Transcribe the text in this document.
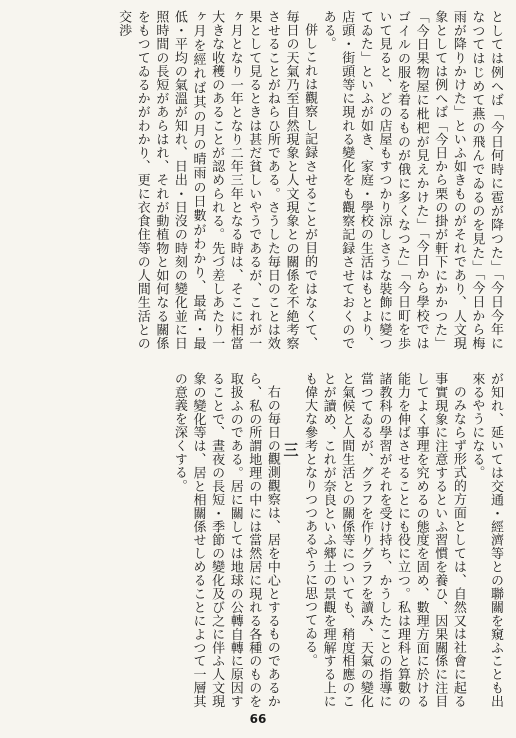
としては例へば「今日何時に雹が降つた」「今日今年になつてはじめて燕の飛んでゐるのを見た」「今日から梅雨が降りかけた」といふ如きものがそれであり、人文現象としては例へば「今日から栗の掛が軒下にかかつた」「今日果物屋に枇杷が見えかけた」「今日から學校ではゴイルの服を着るものが俄に多くなつた」「今日町を歩いて見ると、どの店屋もすつかり涼しさうな裝飾に變つてゐた」といふが如き、家庭・學校の生活はもとより、店頭・街頭等に現れる變化をも觀察記録させておくのである。

併しこれは觀察し記録させることが目的ではなくて、毎日の天氣乃至自然現象と人文現象との關係を不絶考察させることがねらひ所である。さうした毎日のことは效果として見るときは甚だ貧しいやうであるが、これが一ヶ月となり一年となり二年三年となる時は、そこに相當大きな收穫のあることが認められる。先づ差しあたり一ヶ月を經れば其の月の晴雨の日數がわかり、最高・最低・平均の氣溫が知れ、日出・日沒の時刻の變化並に日照時間の長短があらはれ、それが動植物と如何なる關係をもつてゐるかがわかり、更に衣食住等の人間生活との交渉

が知れ、延いては交通・經濟等との聯關を窺ふことも出來るやうになる。

のみならず形式的方面としては、自然又は社會に起る事實現象に注意するといふ習慣を養ひ、因果關係に注目してよく事理を究めるの態度を固め、數理方面に於ける能力を伸ばさせることにも役に立つ。私は理科と算數の諸教科の學習がそれを受け持ち、かうしたことの指導に當つてゐるが、グラフを作りグラフを讀み、天氣の變化と氣候と人間生活との關係等についても、稍度相應のことが讀め、これが奈良といふ郷土の景觀を理解する上にも偉大な參考となりつつあるやうに思つてゐる。

三

右の毎日の觀測觀察は、居を中心とするものであるから、私の所謂地理の中には當然居に現れる各種のものを取扱ふのである。居に關しては地球の公轉自轉に原因することで、晝夜の長短・季節の變化及び之に伴ふ人文現象の變化等は、居と相關係せしめることによつて一層其の意義を深くする。

66
